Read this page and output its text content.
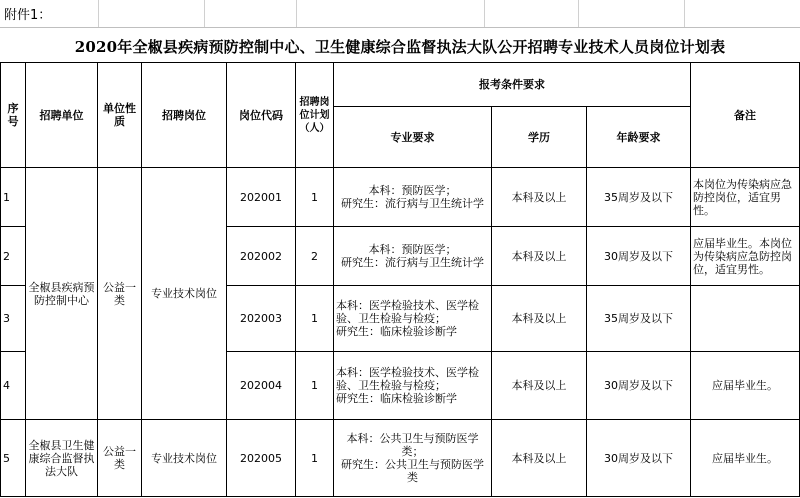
附件1：
2020年全椒县疾病预防控制中心、卫生健康综合监督执法大队公开招聘专业技术人员岗位计划表
序号	招聘单位	单位性质	招聘岗位	岗位代码	招聘岗位计划（人）	报考条件要求			备注
						专业要求	学历	年龄要求	
1	全椒县疾病预防控制中心	公益一类	专业技术岗位	202001	1	本科：预防医学；
研究生：流行病与卫生统计学	本科及以上	35周岁及以下	本岗位为传染病应急防控岗位，适宜男性。
2				202002	2	本科：预防医学；
研究生：流行病与卫生统计学	本科及以上	30周岁及以下	应届毕业生。本岗位为传染病应急防控岗位，适宜男性。
3				202003	1	本科：医学检验技术、医学检验、卫生检验与检疫；
研究生：临床检验诊断学	本科及以上	35周岁及以下	
4				202004	1	本科：医学检验技术、医学检验、卫生检验与检疫；
研究生：临床检验诊断学	本科及以上	30周岁及以下	应届毕业生。
5	全椒县卫生健康综合监督执法大队	公益一类	专业技术岗位	202005	1	本科：公共卫生与预防医学类；
研究生：公共卫生与预防医学类	本科及以上	30周岁及以下	应届毕业生。
